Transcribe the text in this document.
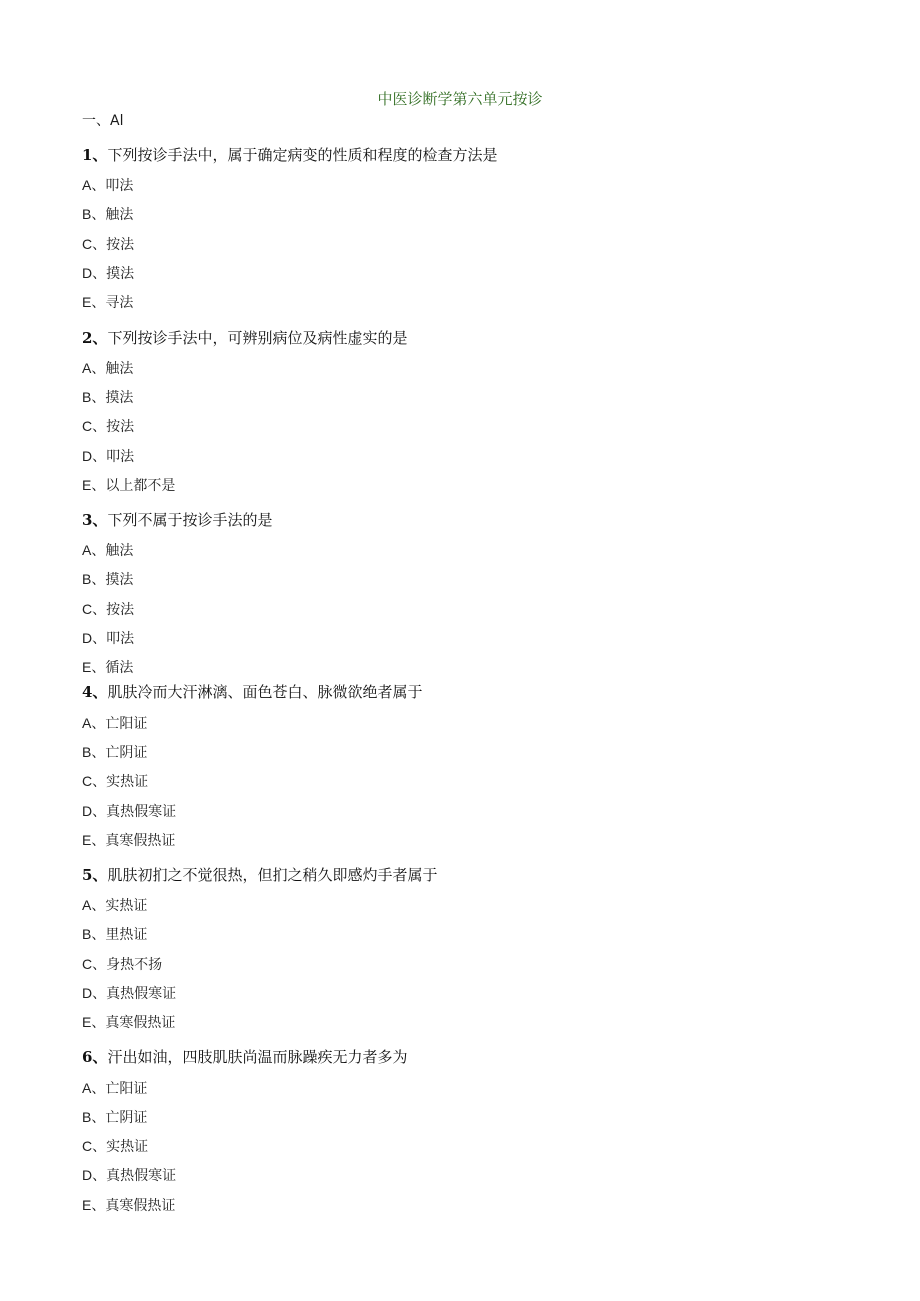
中医诊断学第六单元按诊
一、Al
1、下列按诊手法中，属于确定病变的性质和程度的检查方法是
A、叩法
B、触法
C、按法
D、摸法
E、寻法
2、下列按诊手法中，可辨别病位及病性虚实的是
A、触法
B、摸法
C、按法
D、叩法
E、以上都不是
3、下列不属于按诊手法的是
A、触法
B、摸法
C、按法
D、叩法
E、循法
4、肌肤冷而大汗淋漓、面色苍白、脉微欲绝者属于
A、亡阳证
B、亡阴证
C、实热证
D、真热假寒证
E、真寒假热证
5、肌肤初扪之不觉很热，但扪之稍久即感灼手者属于
A、实热证
B、里热证
C、身热不扬
D、真热假寒证
E、真寒假热证
6、汗出如油，四肢肌肤尚温而脉躁疾无力者多为
A、亡阳证
B、亡阴证
C、实热证
D、真热假寒证
E、真寒假热证
